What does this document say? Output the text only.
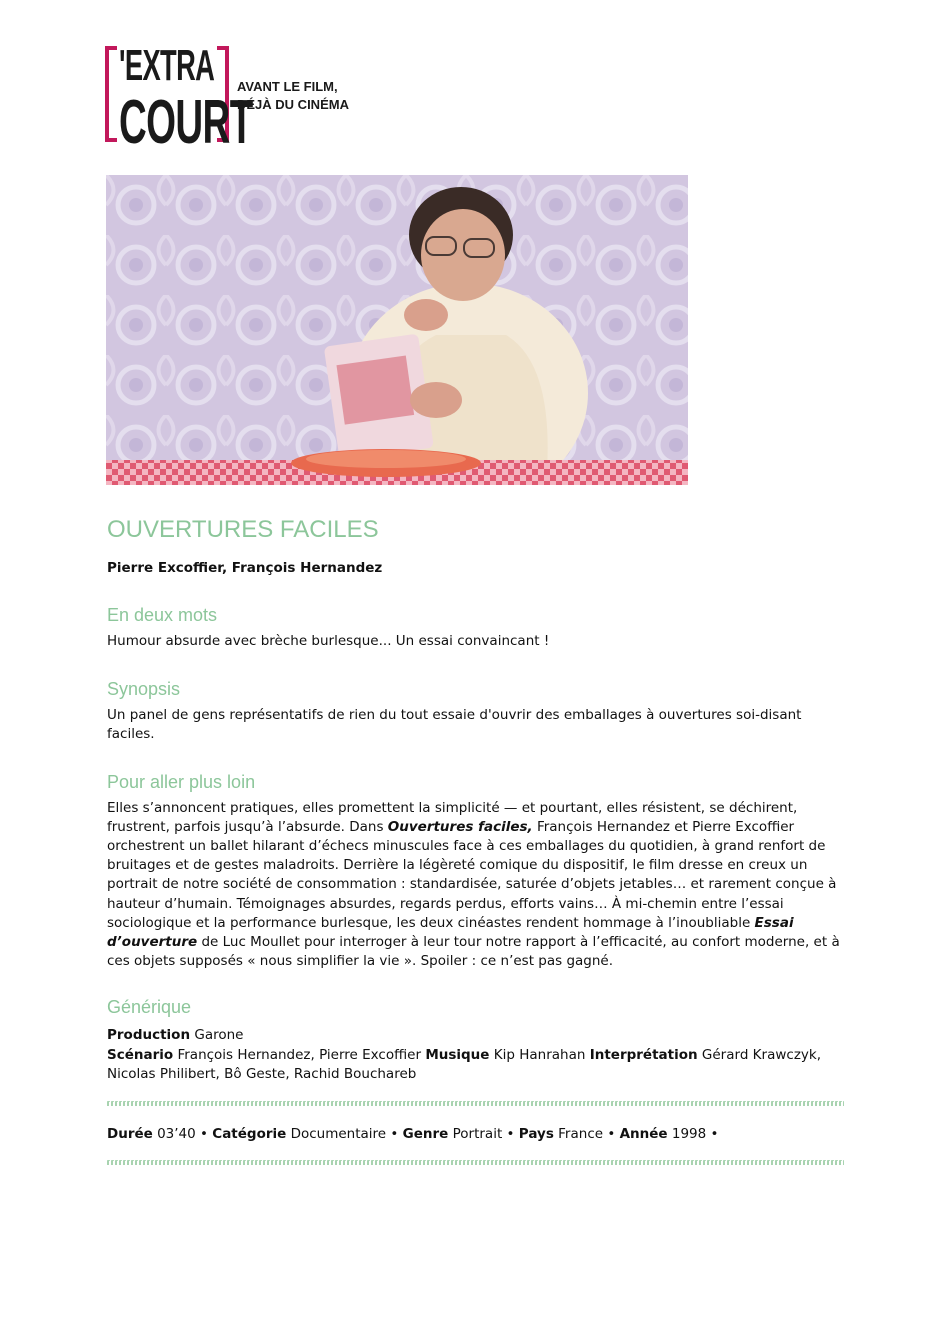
'EXTRA
COURT
AVANT LE FILM,
DÉJÀ DU CINÉMA
OUVERTURES FACILES

Pierre Excoffier, François Hernandez

En deux mots

Humour absurde avec brèche burlesque... Un essai convaincant !

Synopsis

Un panel de gens représentatifs de rien du tout essaie d'ouvrir des emballages à ouvertures soi-disant faciles.

Pour aller plus loin

Elles s’annoncent pratiques, elles promettent la simplicité — et pourtant, elles résistent, se déchirent, frustrent, parfois jusqu’à l’absurde. Dans Ouvertures faciles, François Hernandez et Pierre Excoffier orchestrent un ballet hilarant d’échecs minuscules face à ces emballages du quotidien, à grand renfort de bruitages et de gestes maladroits. Derrière la légèreté comique du dispositif, le film dresse en creux un portrait de notre société de consommation : standardisée, saturée d’objets jetables… et rarement conçue à hauteur d’humain. Témoignages absurdes, regards perdus, efforts vains… À mi-chemin entre l’essai sociologique et la performance burlesque, les deux cinéastes rendent hommage à l’inoubliable Essai d’ouverture de Luc Moullet pour interroger à leur tour notre rapport à l’efficacité, au confort moderne, et à ces objets supposés « nous simplifier la vie ». Spoiler : ce n’est pas gagné.

Générique

Production Garone
Scénario François Hernandez, Pierre Excoffier Musique Kip Hanrahan Interprétation Gérard Krawczyk, Nicolas Philibert, Bô Geste, Rachid Bouchareb

Durée 03’40 • Catégorie Documentaire • Genre Portrait • Pays France • Année 1998 •
